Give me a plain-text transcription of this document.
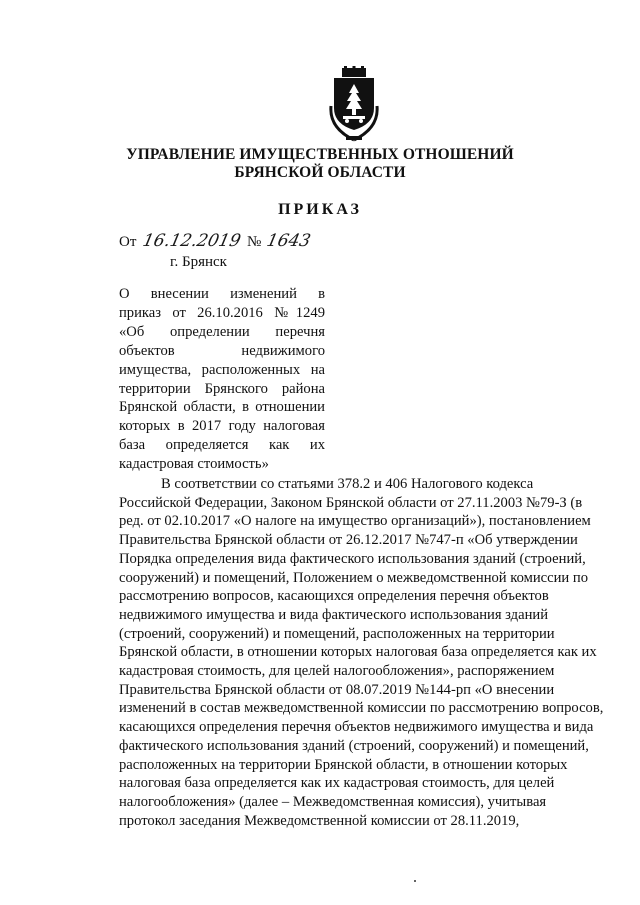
УПРАВЛЕНИЕ ИМУЩЕСТВЕННЫХ ОТНОШЕНИЙ
БРЯНСКОЙ ОБЛАСТИ
ПРИКАЗ
От 16.12.2019 № 1643
г. Брянск
О внесении изменений в
приказ от 26.10.2016 №1249
«Об определении перечня
объектов недвижимого
имущества, расположенных на
территории Брянского района
Брянской области, в отношении
которых в 2017 году налоговая
база определяется как их
кадастровая стоимость»
В соответствии со статьями 378.2 и 406 Налогового кодекса
Российской Федерации, Законом Брянской области от 27.11.2003 №79-З (в
ред. от 02.10.2017 «О налоге на имущество организаций»), постановлением
Правительства Брянской области от 26.12.2017 №747-п «Об утверждении
Порядка определения вида фактического использования зданий (строений,
сооружений) и помещений, Положением о межведомственной комиссии по
рассмотрению вопросов, касающихся определения перечня объектов
недвижимого имущества и вида фактического использования зданий
(строений, сооружений) и помещений, расположенных на территории
Брянской области, в отношении которых налоговая база определяется как их
кадастровая стоимость, для целей налогообложения», распоряжением
Правительства Брянской области от 08.07.2019 №144-рп «О внесении
изменений в состав межведомственной комиссии по рассмотрению вопросов,
касающихся определения перечня объектов недвижимого имущества и вида
фактического использования зданий (строений, сооружений) и помещений,
расположенных на территории Брянской области, в отношении которых
налоговая база определяется как их кадастровая стоимость, для целей
налогообложения» (далее – Межведомственная комиссия), учитывая
протокол заседания Межведомственной комиссии от 28.11.2019,
